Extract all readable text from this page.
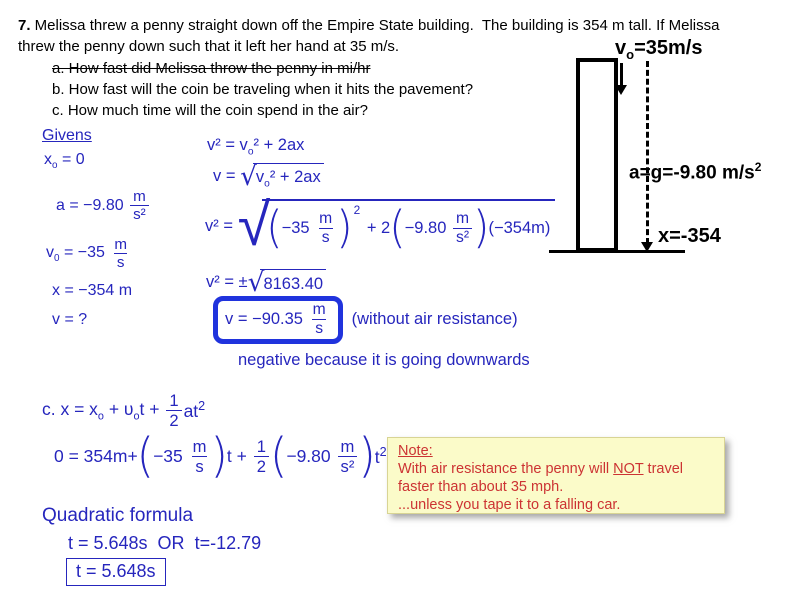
7. Melissa threw a penny straight down off the Empire State building.  The building is 354 m tall. If Melissa
threw the penny down such that it left her hand at 35 m/s.
a. How fast did Melissa throw the penny in mi/hr
b. How fast will the coin be traveling when it hits the pavement?
c. How much time will the coin spend in the air?
Givens
$x_o = 0$
$a = -9.80 \frac{m}{\text{s²}}$
$v_0 = -35 \frac{m}{s}$
x = −354 m
v = ?
$v^2 = v_o^2 + 2ax$
v = √ $v_o^2 + 2ax$
v² = √
( $-35 \frac{m}{s}$ ) 2
+ 2 ( $-9.80 \frac{m}{\text{s²}}$ ) (−354m)
v² = ± √ 8163.40
$v = -90.35 \frac{m}{s}$ (without air resistance)
negative because it is going downwards
c. $x = x_o + \upsilon_ot + \frac{1}{2} at^2$
0 = 354m+ ( $-35 \frac{m}{s}$ ) $t + \frac{1}{2}$ ( $-9.80 \frac{m}{\text{s²}}$ ) $t^2$
Quadratic formula
t = 5.648s  OR  t=-12.79
t = 5.648s
Note:
With air resistance the penny will NOT travel
faster than about 35 mph.
...unless you tape it to a falling car.
$v_o=35m/s$
a=g=-9.80 $m/s^2$
x=-354
